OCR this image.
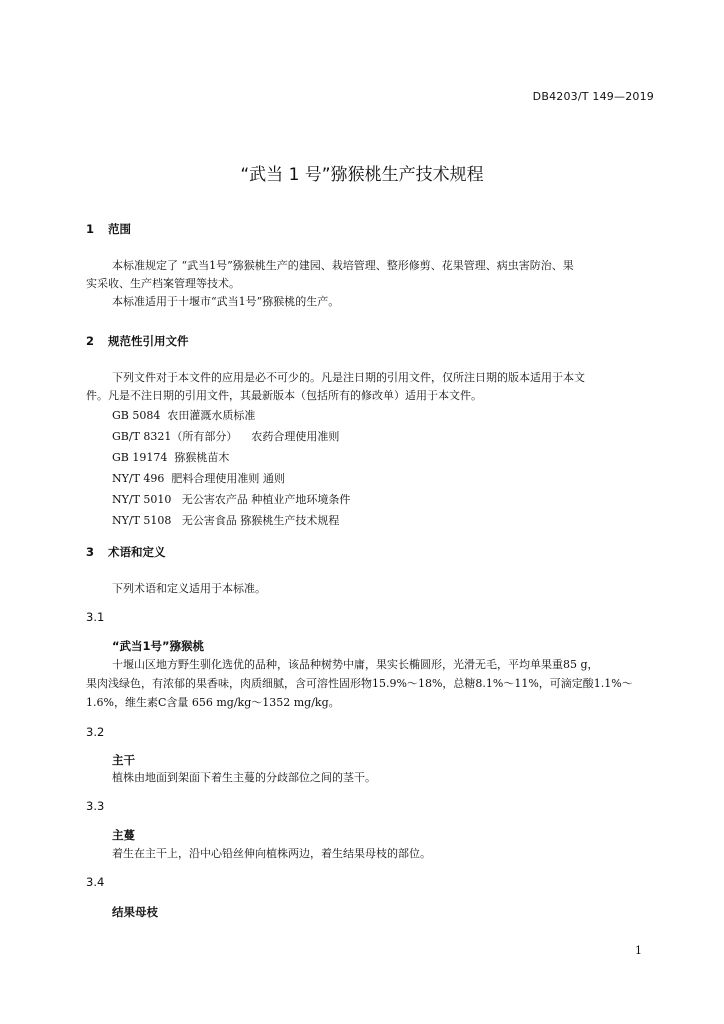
DB4203/T 149—2019
“武当 1 号”猕猴桃生产技术规程
1 范围
本标准规定了 “武当1号”猕猴桃生产的建园、栽培管理、整形修剪、花果管理、病虫害防治、果
实采收、生产档案管理等技术。
本标准适用于十堰市“武当1号”猕猴桃的生产。
2 规范性引用文件
下列文件对于本文件的应用是必不可少的。凡是注日期的引用文件，仅所注日期的版本适用于本文
件。凡是不注日期的引用文件，其最新版本（包括所有的修改单）适用于本文件。
GB 5084 农田灌溉水质标准
GB/T 8321（所有部分） 农药合理使用准则
GB 19174 猕猴桃苗木
NY/T 496 肥料合理使用准则 通则
NY/T 5010 无公害农产品 种植业产地环境条件
NY/T 5108 无公害食品 猕猴桃生产技术规程
3 术语和定义
下列术语和定义适用于本标准。
3.1
“武当1号”猕猴桃
十堰山区地方野生驯化选优的品种，该品种树势中庸，果实长椭圆形，光滑无毛，平均单果重85 g，
果肉浅绿色，有浓郁的果香味，肉质细腻，含可溶性固形物15.9%～18%，总糖8.1%～11%，可滴定酸1.1%～
1.6%，维生素C含量 656 mg/kg～1352 mg/kg。
3.2
主干
植株由地面到架面下着生主蔓的分歧部位之间的茎干。
3.3
主蔓
着生在主干上，沿中心铅丝伸向植株两边，着生结果母枝的部位。
3.4
结果母枝
1
